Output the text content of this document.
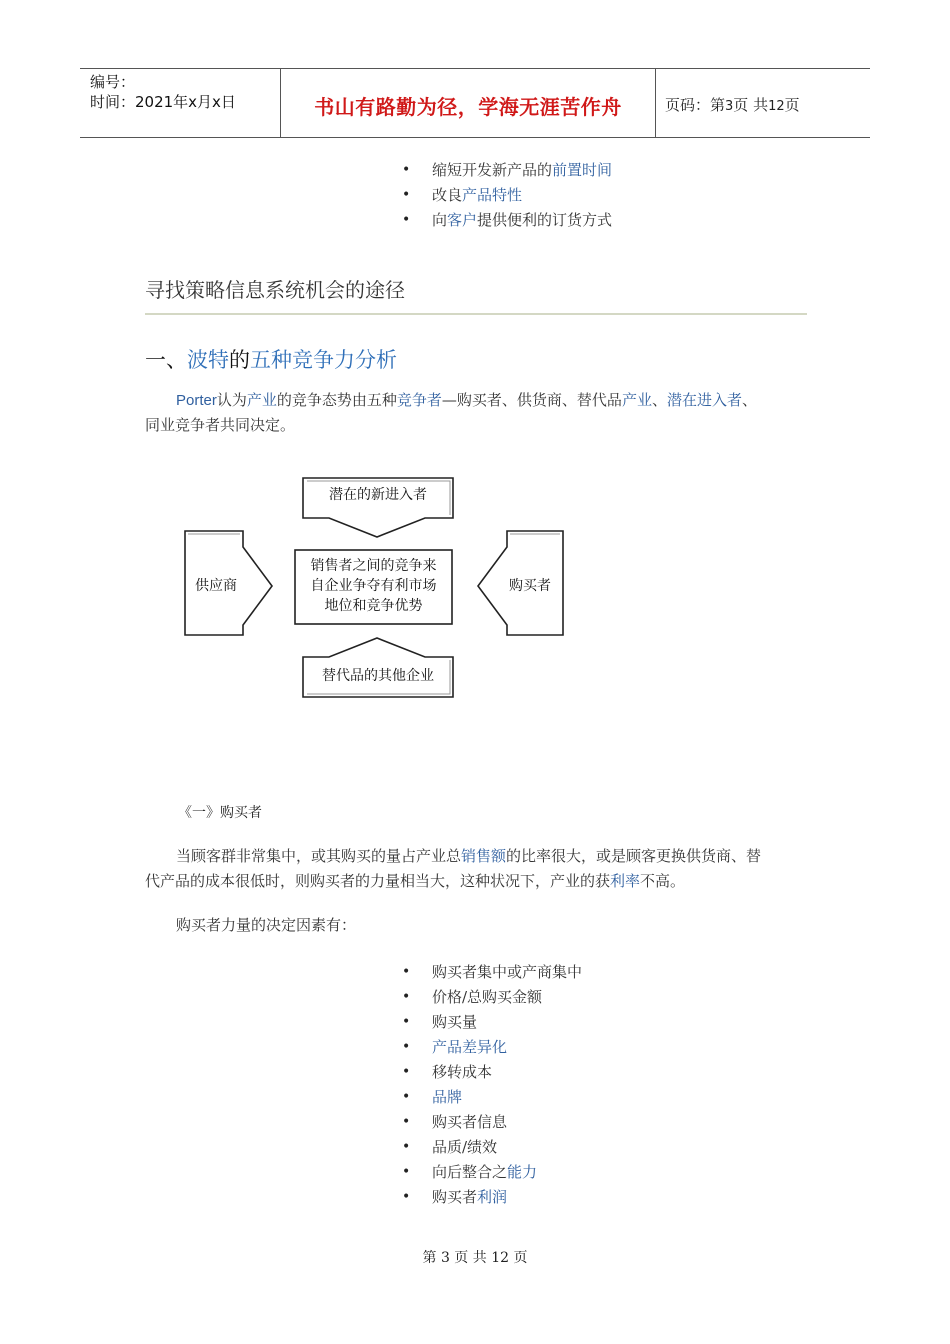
编号：
时间：2021年x月x日	书山有路勤为径，学海无涯苦作舟	页码：第3页 共12页
• 缩短开发新产品的前置时间
• 改良产品特性
• 向客户提供便利的订货方式
寻找策略信息系统机会的途径
一、波特的五种竞争力分析

Porter认为产业的竞争态势由五种竞争者—购买者、供货商、替代品产业、潜在进入者、

同业竞争者共同决定。

潜在的新进入者
销售者之间的竞争来
自企业争夺有利市场
地位和竞争优势
供应商	购买者
替代品的其他企业
《一》购买者

当顾客群非常集中，或其购买的量占产业总销售额的比率很大，或是顾客更换供货商、替

代产品的成本很低时，则购买者的力量相当大，这种状况下，产业的获利率不高。

购买者力量的决定因素有：

• 购买者集中或产商集中
• 价格/总购买金额
• 购买量
• 产品差异化
• 移转成本
• 品牌
• 购买者信息
• 品质/绩效
• 向后整合之能力
• 购买者利润
第 3 页 共 12 页
